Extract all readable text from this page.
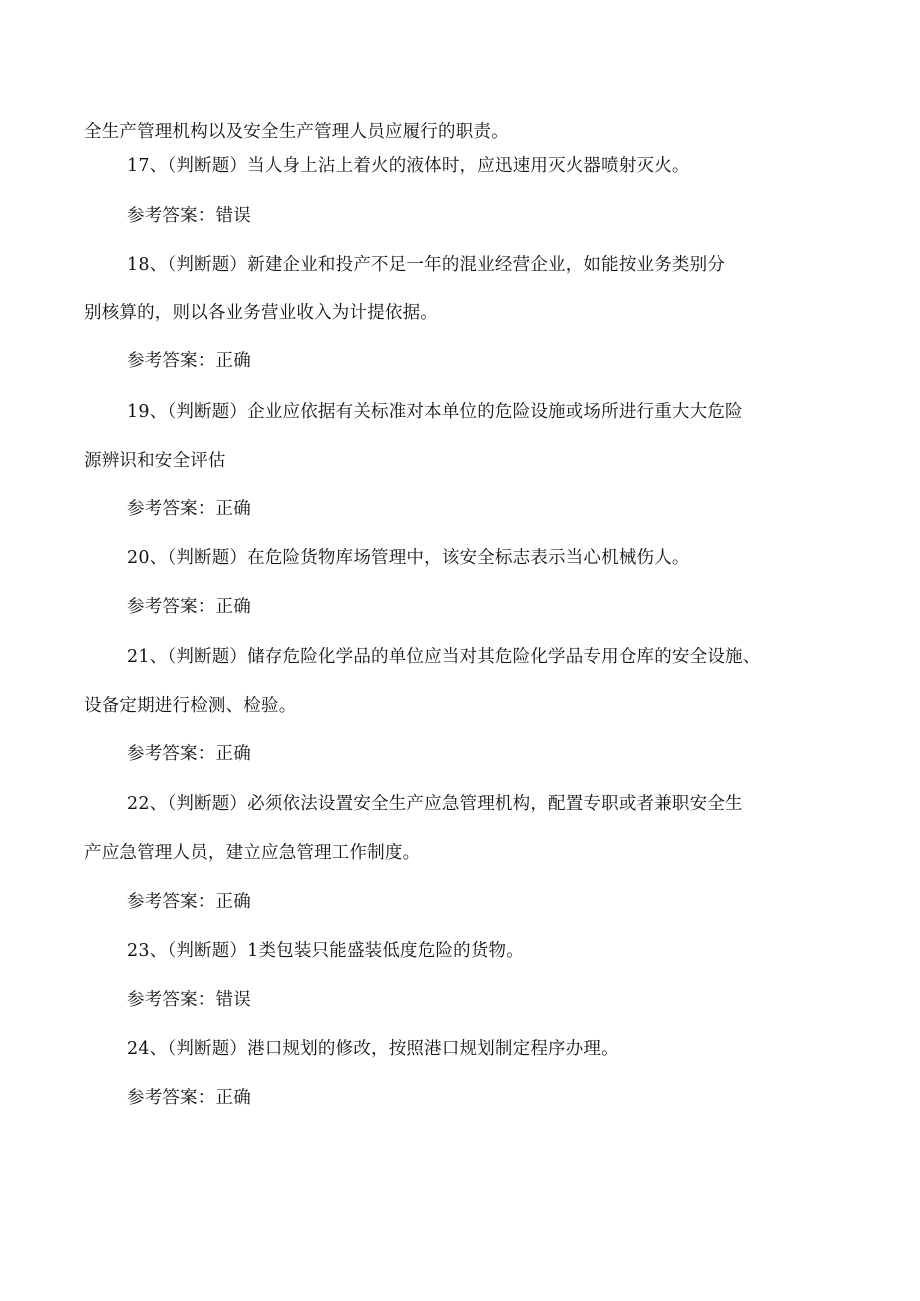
全生产管理机构以及安全生产管理人员应履行的职责。
17、（判断题）当人身上沾上着火的液体时，应迅速用灭火器喷射灭火。
参考答案：错误
18、（判断题）新建企业和投产不足一年的混业经营企业，如能按业务类别分
别核算的，则以各业务营业收入为计提依据。
参考答案：正确
19、（判断题）企业应依据有关标准对本单位的危险设施或场所进行重大大危险
源辨识和安全评估
参考答案：正确
20、（判断题）在危险货物库场管理中，该安全标志表示当心机械伤人。
参考答案：正确
21、（判断题）储存危险化学品的单位应当对其危险化学品专用仓库的安全设施、
设备定期进行检测、检验。
参考答案：正确
22、（判断题）必须依法设置安全生产应急管理机构，配置专职或者兼职安全生
产应急管理人员，建立应急管理工作制度。
参考答案：正确
23、（判断题）1类包装只能盛装低度危险的货物。
参考答案：错误
24、（判断题）港口规划的修改，按照港口规划制定程序办理。
参考答案：正确
